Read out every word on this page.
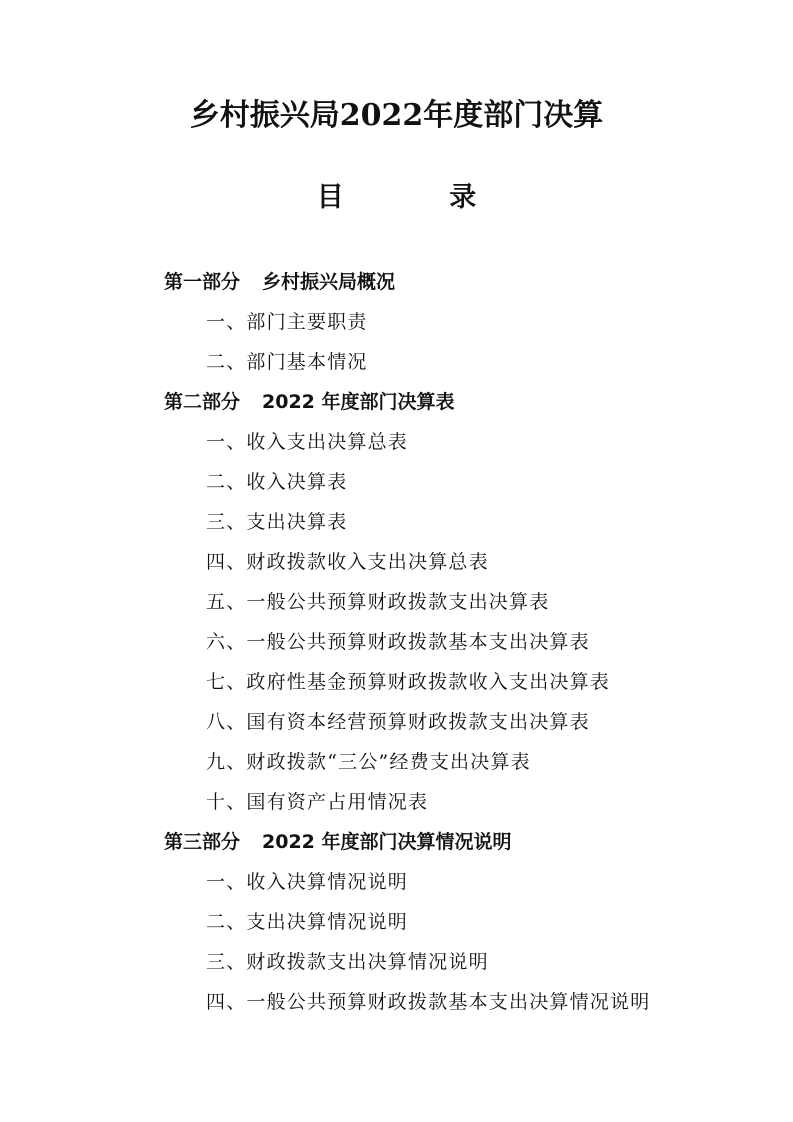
乡村振兴局2022年度部门决算
目 录
第一部分 乡村振兴局概况
一、部门主要职责
二、部门基本情况
第二部分 2022 年度部门决算表
一、收入支出决算总表
二、收入决算表
三、支出决算表
四、财政拨款收入支出决算总表
五、一般公共预算财政拨款支出决算表
六、一般公共预算财政拨款基本支出决算表
七、政府性基金预算财政拨款收入支出决算表
八、国有资本经营预算财政拨款支出决算表
九、财政拨款“三公”经费支出决算表
十、国有资产占用情况表
第三部分 2022 年度部门决算情况说明
一、收入决算情况说明
二、支出决算情况说明
三、财政拨款支出决算情况说明
四、一般公共预算财政拨款基本支出决算情况说明
